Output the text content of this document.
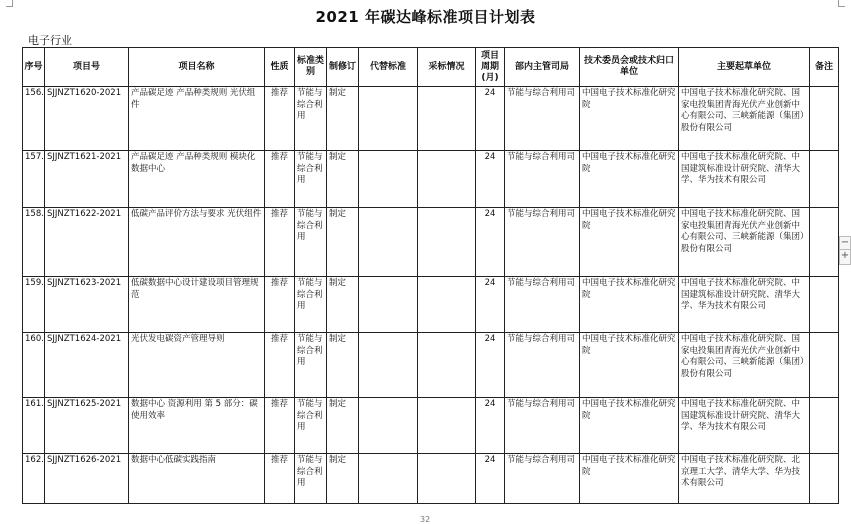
−
+
2021 年碳达峰标准项目计划表
电子行业
序号	项目号	项目名称	性质	标准类别	制修订	代替标准	采标情况	项目周期(月)	部内主管司局	技术委员会或技术归口单位	主要起草单位	备注
156.	SJJNZT1620-2021	产品碳足迹 产品种类规则 光伏组件	推荐	节能与综合利用	制定			24	节能与综合利用司	中国电子技术标准化研究院	中国电子技术标准化研究院、国家电投集团青海光伏产业创新中心有限公司、三峡新能源（集团）股份有限公司	
157.	SJJNZT1621-2021	产品碳足迹 产品种类规则 模块化数据中心	推荐	节能与综合利用	制定			24	节能与综合利用司	中国电子技术标准化研究院	中国电子技术标准化研究院、中国建筑标准设计研究院、清华大学、华为技术有限公司	
158.	SJJNZT1622-2021	低碳产品评价方法与要求 光伏组件	推荐	节能与综合利用	制定			24	节能与综合利用司	中国电子技术标准化研究院	中国电子技术标准化研究院、国家电投集团青海光伏产业创新中心有限公司、三峡新能源（集团）股份有限公司	
159.	SJJNZT1623-2021	低碳数据中心设计建设项目管理规范	推荐	节能与综合利用	制定			24	节能与综合利用司	中国电子技术标准化研究院	中国电子技术标准化研究院、中国建筑标准设计研究院、清华大学、华为技术有限公司	
160.	SJJNZT1624-2021	光伏发电碳资产管理导则	推荐	节能与综合利用	制定			24	节能与综合利用司	中国电子技术标准化研究院	中国电子技术标准化研究院、国家电投集团青海光伏产业创新中心有限公司、三峡新能源（集团）股份有限公司	
161.	SJJNZT1625-2021	数据中心 资源利用 第 5 部分：碳使用效率	推荐	节能与综合利用	制定			24	节能与综合利用司	中国电子技术标准化研究院	中国电子技术标准化研究院、中国建筑标准设计研究院、清华大学、华为技术有限公司	
162.	SJJNZT1626-2021	数据中心低碳实践指南	推荐	节能与综合利用	制定			24	节能与综合利用司	中国电子技术标准化研究院	中国电子技术标准化研究院、北京理工大学、清华大学、华为技术有限公司	
32
